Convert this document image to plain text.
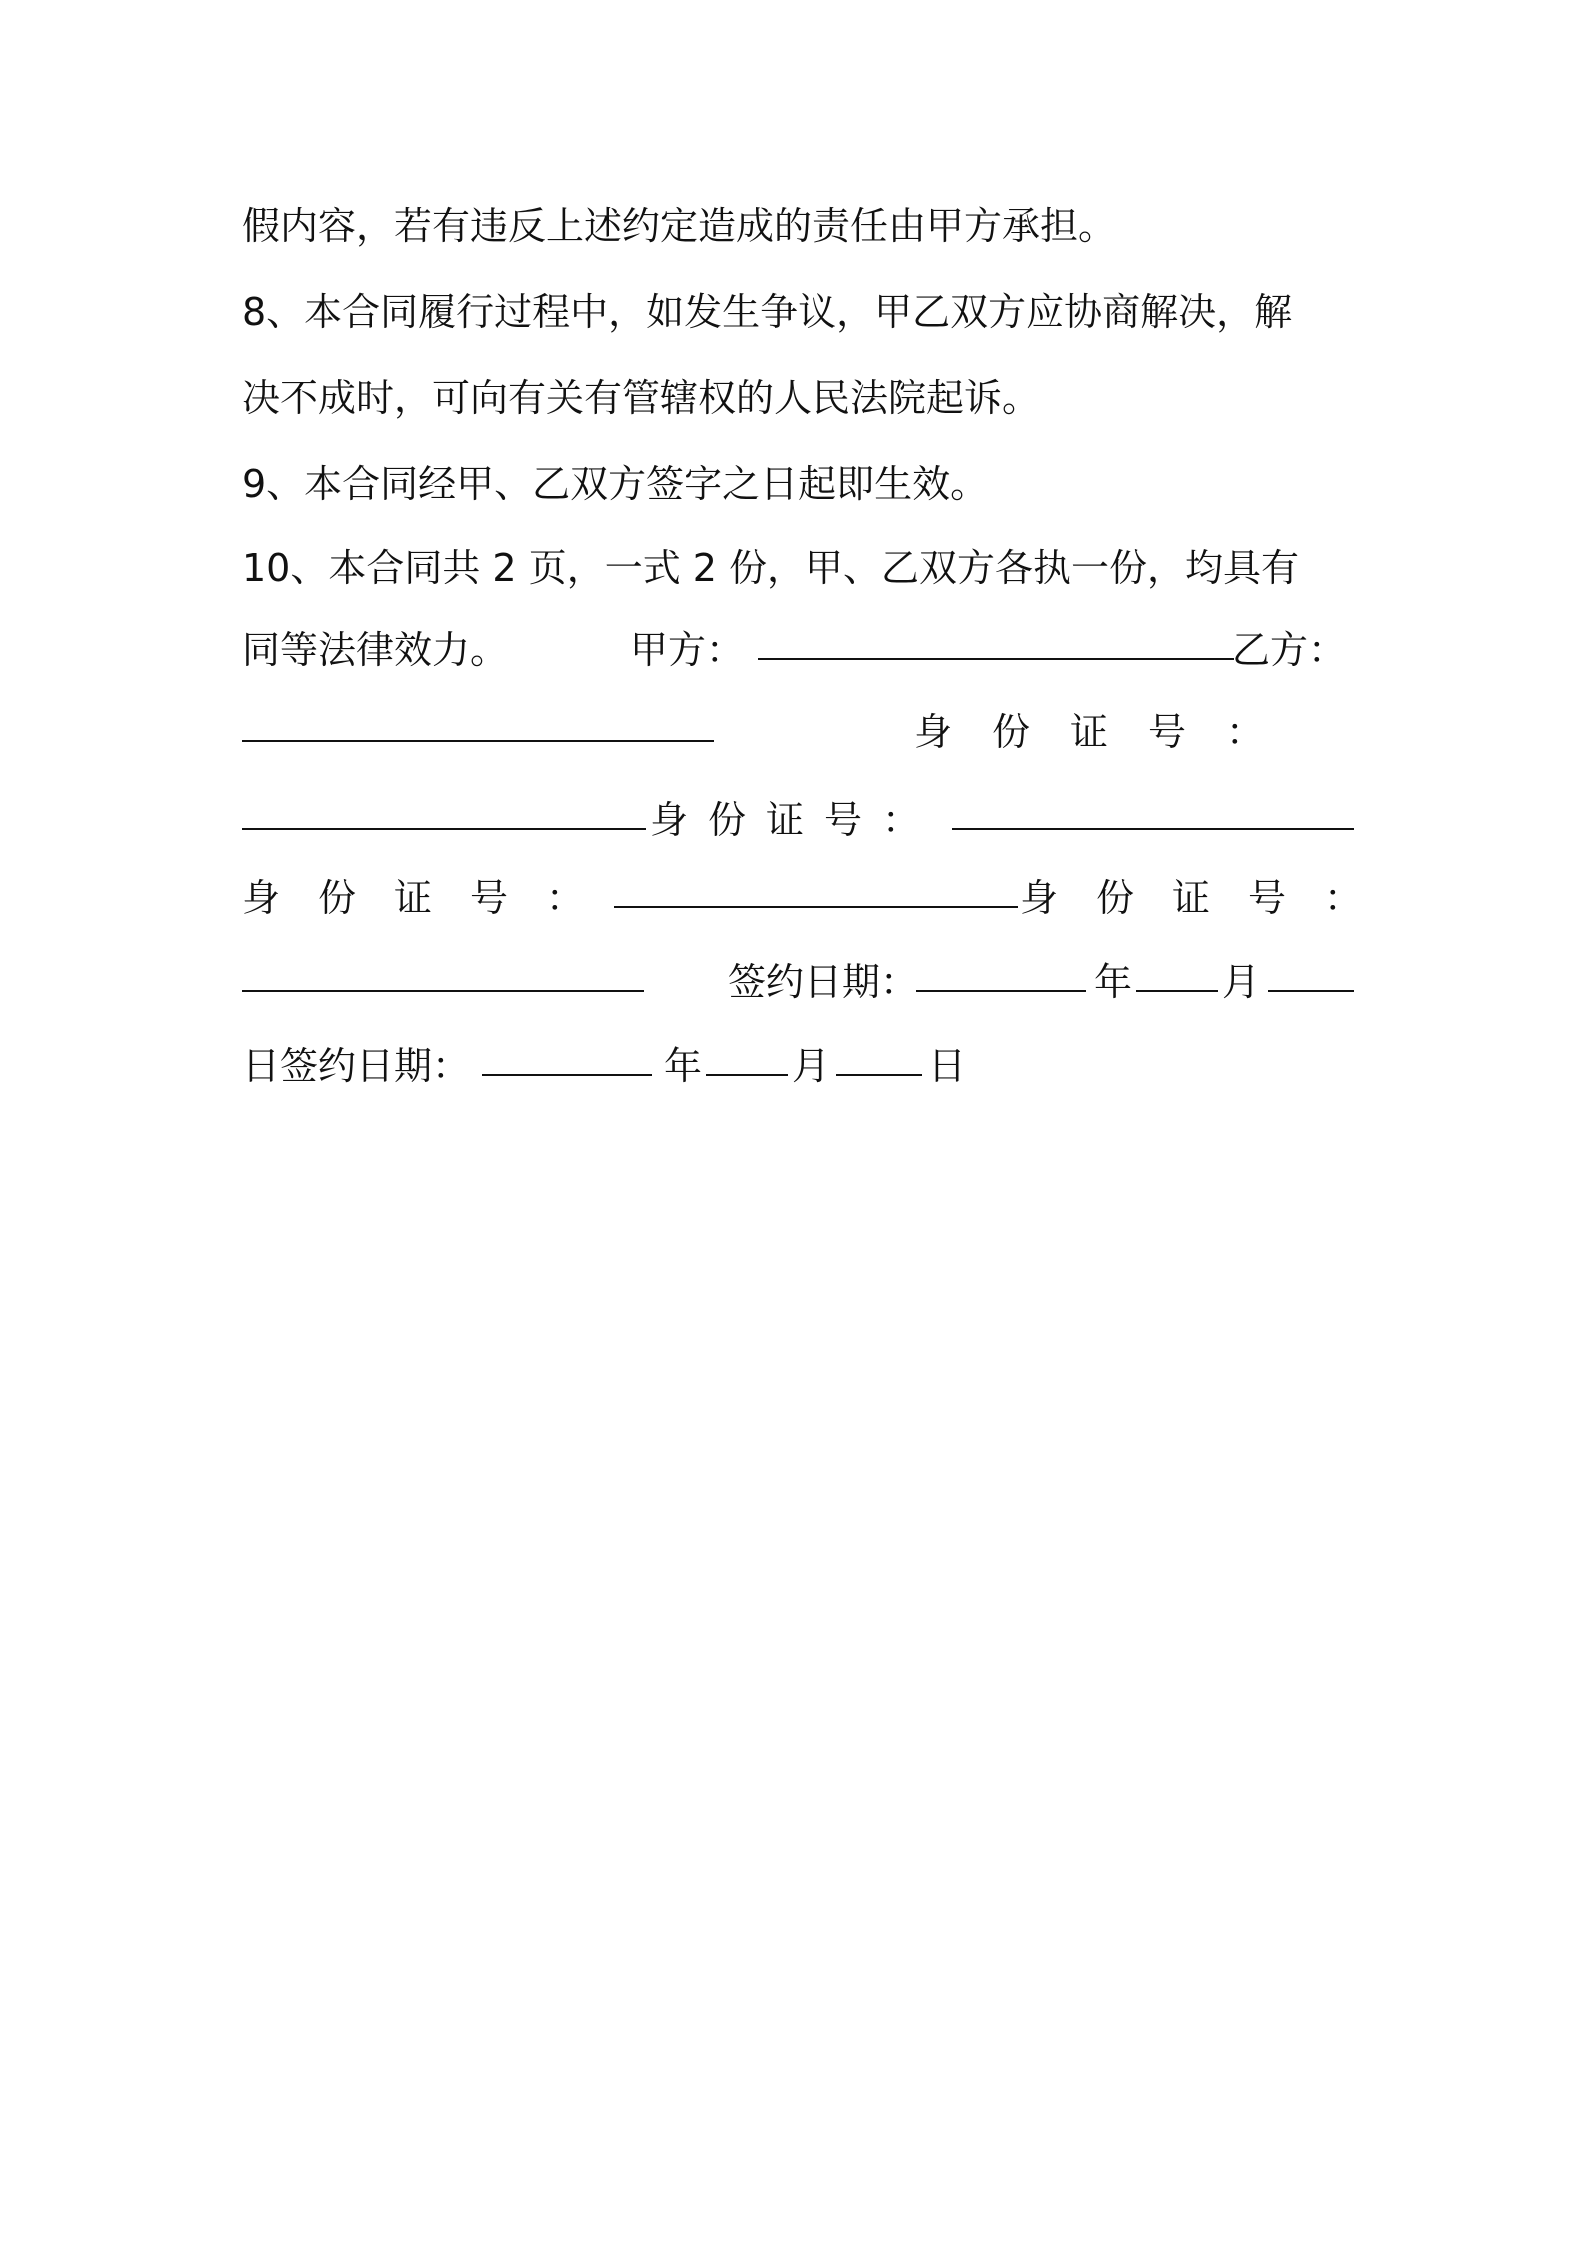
假内容，若有违反上述约定造成的责任由甲方承担。
8、本合同履行过程中，如发生争议，甲乙双方应协商解决，解
决不成时，可向有关有管辖权的人民法院起诉。
9、本合同经甲、乙双方签字之日起即生效。
10、本合同共 2 页，一式 2 份，甲、乙双方各执一份，均具有
同等法律效力。	甲方：	乙方：
身份证号：
身份证号：
身份证号：	身份证号：
签约日期：	年 月
日签约日期：	年 月	日
